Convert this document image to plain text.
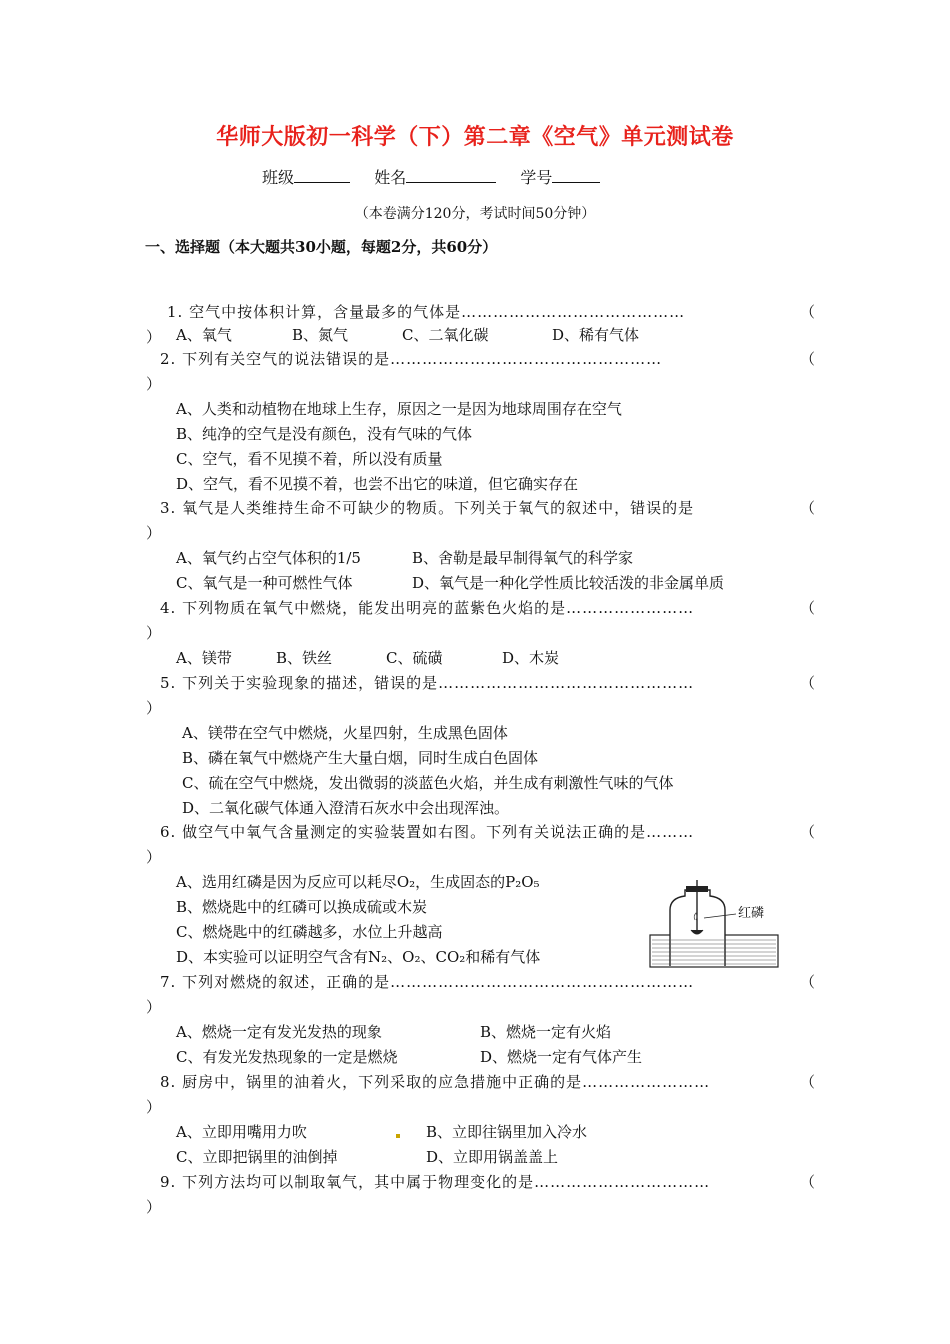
华师大版初一科学（下）第二章《空气》单元测试卷
班级	姓名	学号
（本卷满分120分，考试时间50分钟）
一、选择题（本大题共30小题，每题2分，共60分）
1. 空气中按体积计算，含量最多的气体是……………………………………	（
） A、氧气	B、氮气	C、二氧化碳	D、稀有气体
2. 下列有关空气的说法错误的是……………………………………………	（
）
A、人类和动植物在地球上生存，原因之一是因为地球周围存在空气
B、纯净的空气是没有颜色，没有气味的气体
C、空气，看不见摸不着，所以没有质量
D、空气，看不见摸不着，也尝不出它的味道，但它确实存在
3. 氧气是人类维持生命不可缺少的物质。下列关于氧气的叙述中，错误的是	（
）
A、氧气约占空气体积的1/5	B、舍勒是最早制得氧气的科学家
C、氧气是一种可燃性气体	D、氧气是一种化学性质比较活泼的非金属单质
4. 下列物质在氧气中燃烧，能发出明亮的蓝紫色火焰的是……………………	（
）
A、镁带	B、铁丝	C、硫磺	D、木炭
5. 下列关于实验现象的描述，错误的是…………………………………………	（
）
A、镁带在空气中燃烧，火星四射，生成黑色固体
B、磷在氧气中燃烧产生大量白烟，同时生成白色固体
C、硫在空气中燃烧，发出微弱的淡蓝色火焰，并生成有刺激性气味的气体
D、二氧化碳气体通入澄清石灰水中会出现浑浊。
6. 做空气中氧气含量测定的实验装置如右图。下列有关说法正确的是………	（
）
A、选用红磷是因为反应可以耗尽O₂，生成固态的P₂O₅
B、燃烧匙中的红磷可以换成硫或木炭
C、燃烧匙中的红磷越多，水位上升越高
D、本实验可以证明空气含有N₂、O₂、CO₂和稀有气体
红磷
7. 下列对燃烧的叙述，正确的是…………………………………………………	（
）
A、燃烧一定有发光发热的现象	B、燃烧一定有火焰
C、有发光发热现象的一定是燃烧	D、燃烧一定有气体产生
8. 厨房中，锅里的油着火，下列采取的应急措施中正确的是……………………	（
）
A、立即用嘴用力吹	B、立即往锅里加入冷水
C、立即把锅里的油倒掉	D、立即用锅盖盖上
9. 下列方法均可以制取氧气，其中属于物理变化的是……………………………	（
）
